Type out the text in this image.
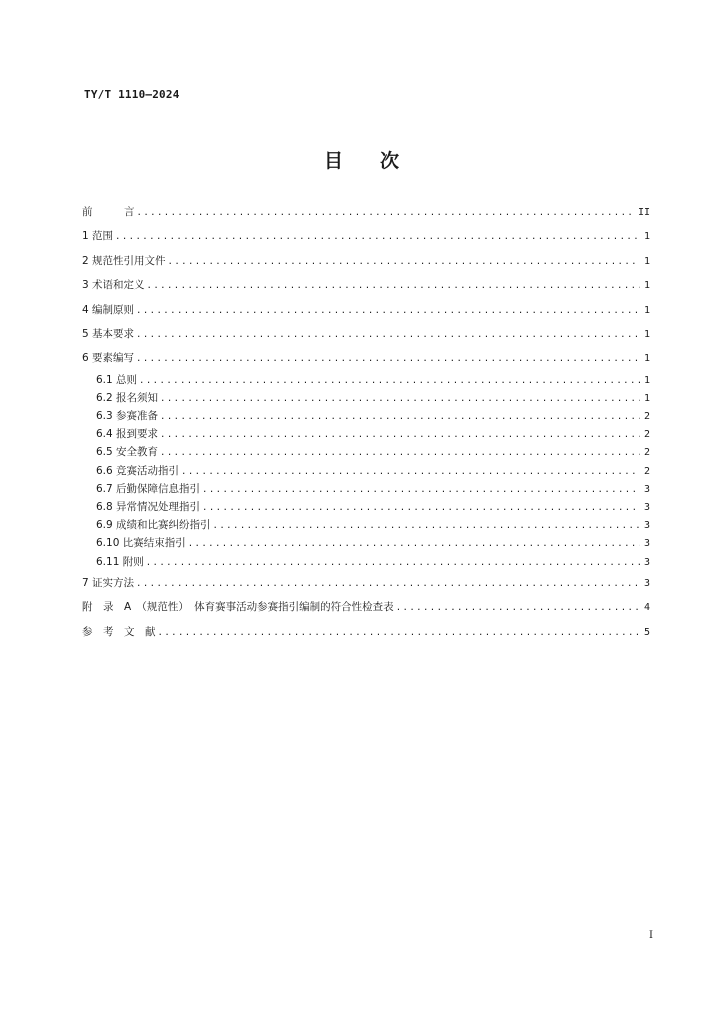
TY/T 1110—2024
目 次
前　　　言 .....	II
1 范围 .....	1
2 规范性引用文件 .....	1
3 术语和定义 .....	1
4 编制原则 .....	1
5 基本要求 .....	1
6 要素编写 .....	1
6.1 总则 .....	1
6.2 报名须知 .....	1
6.3 参赛准备 .....	2
6.4 报到要求 .....	2
6.5 安全教育 .....	2
6.6 竞赛活动指引 .....	2
6.7 后勤保障信息指引 .....	3
6.8 异常情况处理指引 .....	3
6.9 成绩和比赛纠纷指引 .....	3
6.10 比赛结束指引 .....	3
6.11 附则 .....	3
7 证实方法 .....	3
附　录　A　（规范性）　体育赛事活动参赛指引编制的符合性检查表 .....	4
参　考　文　献 .....	5
I
